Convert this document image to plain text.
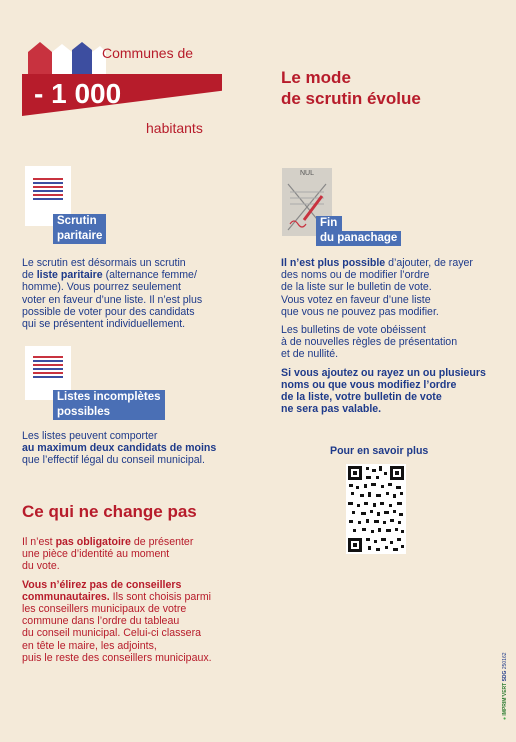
Communes de
- 1 000
habitants
Le mode
de scrutin évolue
Scrutin
paritaire
Le scrutin est désormais un scrutin
de liste paritaire (alternance femme/
homme). Vous pourrez seulement
voter en faveur d’une liste. Il n’est plus
possible de voter pour des candidats
qui se présentent individuellement.
Listes incomplètes
possibles
Les listes peuvent comporter
au maximum deux candidats de moins
que l’effectif légal du conseil municipal.
NUL
Fin
du panachage
Il n’est plus possible d’ajouter, de rayer
des noms ou de modifier l’ordre
de la liste sur le bulletin de vote.
Vous votez en faveur d’une liste
que vous ne pouvez pas modifier.
Les bulletins de vote obéissent
à de nouvelles règles de présentation
et de nullité.
Si vous ajoutez ou rayez un ou plusieurs
noms ou que vous modifiez l’ordre
de la liste, votre bulletin de vote
ne sera pas valable.
Pour en savoir plus
Ce qui ne change pas
Il n’est pas obligatoire de présenter
une pièce d’identité au moment
du vote.
Vous n’élirez pas de conseillers
communautaires. Ils sont choisis parmi
les conseillers municipaux de votre
commune dans l’ordre du tableau
du conseil municipal. Celui-ci classera
en tête le maire, les adjoints,
puis le reste des conseillers municipaux.
● IMPRIM’VERT SDG 250162
